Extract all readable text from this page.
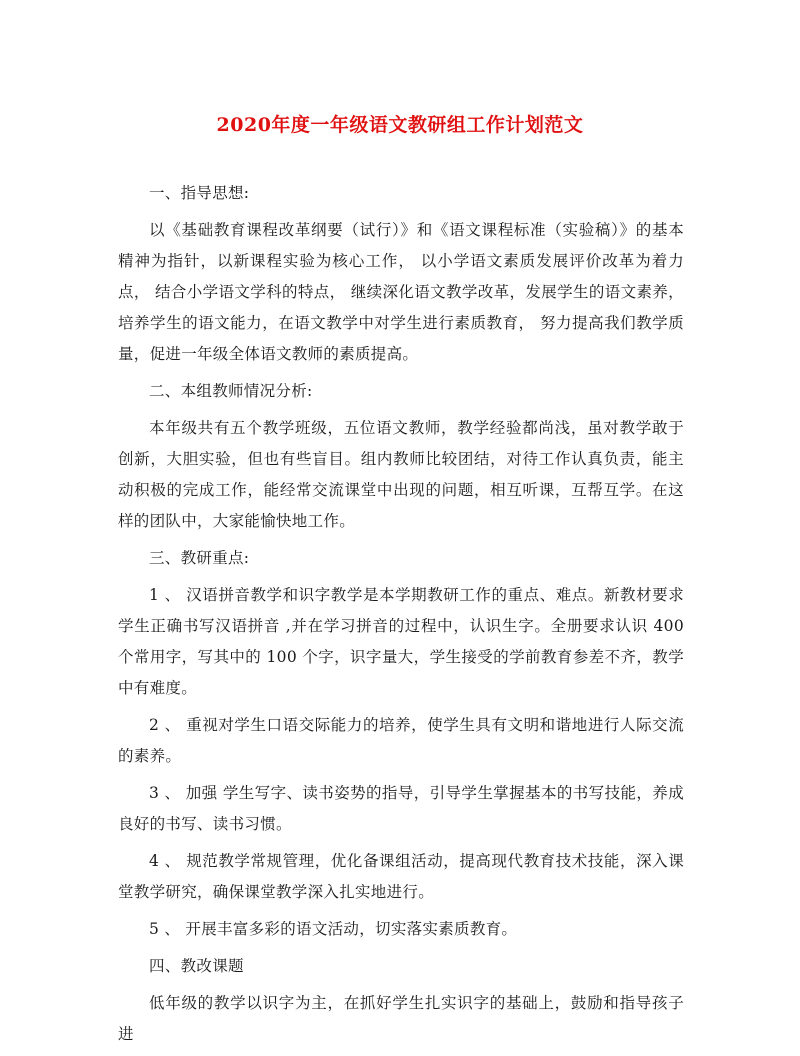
2020年度一年级语文教研组工作计划范文

一、指导思想:

以《基础教育课程改革纲要（试行）》和《语文课程标准（实验稿）》的基本精神为指针，以新课程实验为核心工作， 以小学语文素质发展评价改革为着力点， 结合小学语文学科的特点， 继续深化语文教学改革，发展学生的语文素养，培养学生的语文能力，在语文教学中对学生进行素质教育， 努力提高我们教学质量，促进一年级全体语文教师的素质提高。

二、本组教师情况分析:

本年级共有五个教学班级，五位语文教师，教学经验都尚浅，虽对教学敢于创新，大胆实验，但也有些盲目。组内教师比较团结，对待工作认真负责，能主动积极的完成工作，能经常交流课堂中出现的问题，相互听课，互帮互学。在这样的团队中，大家能愉快地工作。

三、教研重点:

1 、 汉语拼音教学和识字教学是本学期教研工作的重点、难点。新教材要求学生正确书写汉语拼音 ,并在学习拼音的过程中，认识生字。全册要求认识 400 个常用字，写其中的 100 个字，识字量大，学生接受的学前教育参差不齐，教学中有难度。

2 、 重视对学生口语交际能力的培养，使学生具有文明和谐地进行人际交流的素养。

3 、 加强 学生写字、读书姿势的指导，引导学生掌握基本的书写技能，养成良好的书写、读书习惯。

4 、 规范教学常规管理，优化备课组活动，提高现代教育技术技能，深入课堂教学研究，确保课堂教学深入扎实地进行。

5 、 开展丰富多彩的语文活动，切实落实素质教育。

四、教改课题

低年级的教学以识字为主，在抓好学生扎实识字的基础上，鼓励和指导孩子进
